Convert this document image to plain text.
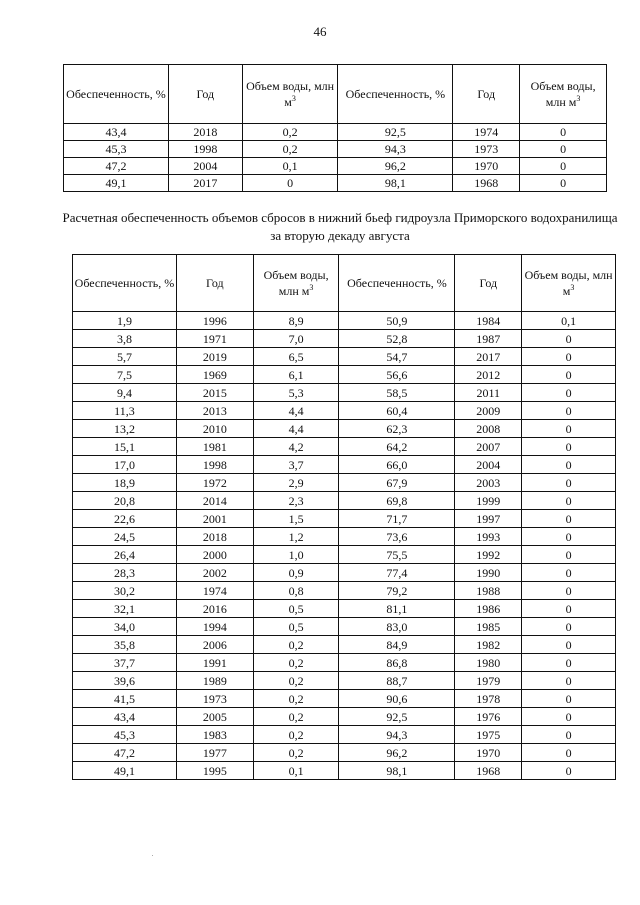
46
Обеспеченность, %	Год	Объем воды, млн $м^3$	Обеспеченность, %	Год	Объем воды, млн $м^3$
43,4	2018	0,2	92,5	1974	0
45,3	1998	0,2	94,3	1973	0
47,2	2004	0,1	96,2	1970	0
49,1	2017	0	98,1	1968	0
Расчетная обеспеченность объемов сбросов в нижний бьеф гидроузла Приморского водохранилища за вторую декаду августа
Обеспеченность, %	Год	Объем воды, млн $м^3$	Обеспеченность, %	Год	Объем воды, млн $м^3$
1,9	1996	8,9	50,9	1984	0,1
3,8	1971	7,0	52,8	1987	0
5,7	2019	6,5	54,7	2017	0
7,5	1969	6,1	56,6	2012	0
9,4	2015	5,3	58,5	2011	0
11,3	2013	4,4	60,4	2009	0
13,2	2010	4,4	62,3	2008	0
15,1	1981	4,2	64,2	2007	0
17,0	1998	3,7	66,0	2004	0
18,9	1972	2,9	67,9	2003	0
20,8	2014	2,3	69,8	1999	0
22,6	2001	1,5	71,7	1997	0
24,5	2018	1,2	73,6	1993	0
26,4	2000	1,0	75,5	1992	0
28,3	2002	0,9	77,4	1990	0
30,2	1974	0,8	79,2	1988	0
32,1	2016	0,5	81,1	1986	0
34,0	1994	0,5	83,0	1985	0
35,8	2006	0,2	84,9	1982	0
37,7	1991	0,2	86,8	1980	0
39,6	1989	0,2	88,7	1979	0
41,5	1973	0,2	90,6	1978	0
43,4	2005	0,2	92,5	1976	0
45,3	1983	0,2	94,3	1975	0
47,2	1977	0,2	96,2	1970	0
49,1	1995	0,1	98,1	1968	0
